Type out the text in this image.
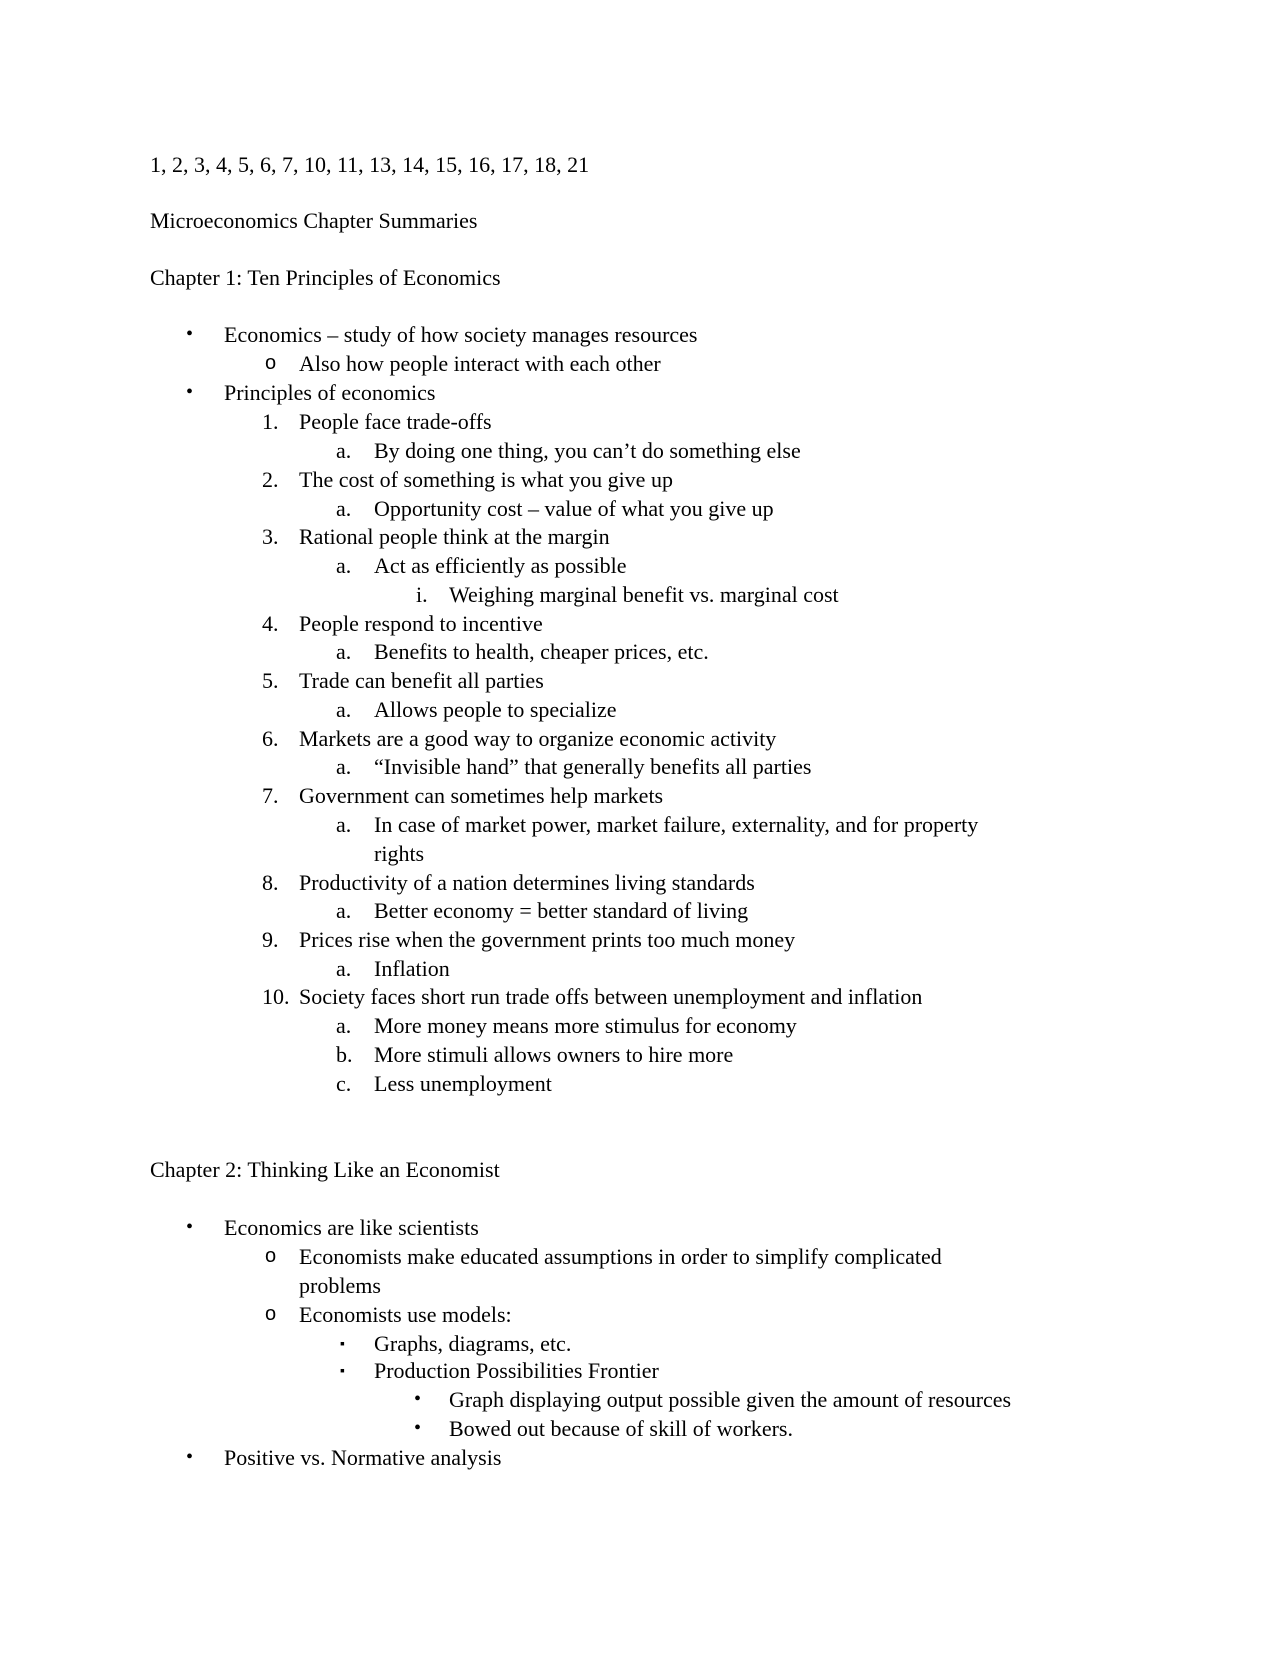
1, 2, 3, 4, 5, 6, 7, 10, 11, 13, 14, 15, 16, 17, 18, 21
Microeconomics Chapter Summaries
Chapter 1: Ten Principles of Economics
• Economics – study of how society manages resources
o Also how people interact with each other
• Principles of economics
1. People face trade-offs
a. By doing one thing, you can’t do something else
2. The cost of something is what you give up
a. Opportunity cost – value of what you give up
3. Rational people think at the margin
a. Act as efficiently as possible
i. Weighing marginal benefit vs. marginal cost
4. People respond to incentive
a. Benefits to health, cheaper prices, etc.
5. Trade can benefit all parties
a. Allows people to specialize
6. Markets are a good way to organize economic activity
a. “Invisible hand” that generally benefits all parties
7. Government can sometimes help markets
a. In case of market power, market failure, externality, and for property
rights
8. Productivity of a nation determines living standards
a. Better economy = better standard of living
9. Prices rise when the government prints too much money
a. Inflation
10. Society faces short run trade offs between unemployment and inflation
a. More money means more stimulus for economy
b. More stimuli allows owners to hire more
c. Less unemployment
Chapter 2: Thinking Like an Economist
• Economics are like scientists
o Economists make educated assumptions in order to simplify complicated
problems
o Economists use models:
▪ Graphs, diagrams, etc.
▪ Production Possibilities Frontier
• Graph displaying output possible given the amount of resources
• Bowed out because of skill of workers.
• Positive vs. Normative analysis
